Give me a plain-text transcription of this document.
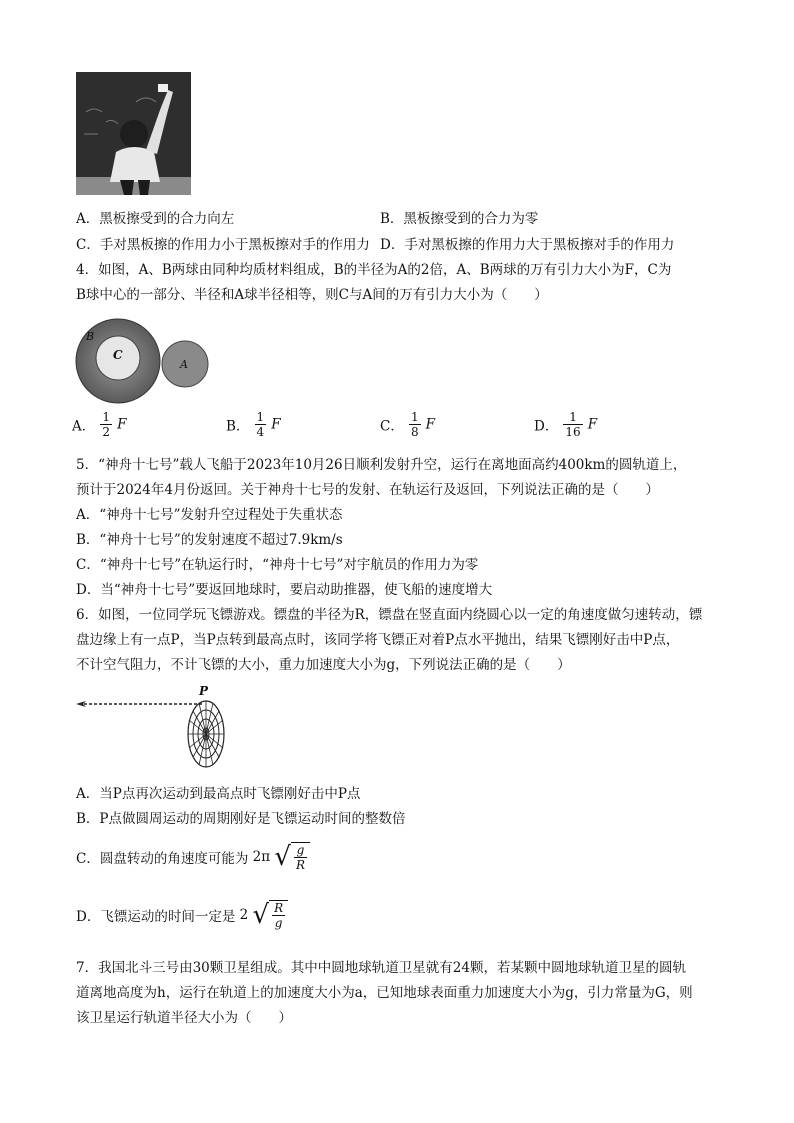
A．黑板擦受到的合力向左	B．黑板擦受到的合力为零
C．手对黑板擦的作用力小于黑板擦对手的作用力 D．手对黑板擦的作用力大于黑板擦对手的作用力
4．如图，A、B两球由同种均质材料组成，B的半径为A的2倍，A、B两球的万有引力大小为F，C为
B球中心的一部分、半径和A球半径相等，则C与A间的万有引力大小为（　　）
B
C
A
A． $\frac{1}{2}$ F	B． $\frac{1}{4}$ F	C． $\frac{1}{8}$ F	D． $\frac{1}{16}$ F
5．“神舟十七号”载人飞船于2023年10月26日顺利发射升空，运行在离地面高约400km的圆轨道上，
预计于2024年4月份返回。关于神舟十七号的发射、在轨运行及返回，下列说法正确的是（　　）
A．“神舟十七号”发射升空过程处于失重状态
B．“神舟十七号”的发射速度不超过7.9km/s
C．“神舟十七号”在轨运行时，“神舟十七号”对宇航员的作用力为零
D．当“神舟十七号”要返回地球时，要启动助推器，使飞船的速度增大
6．如图，一位同学玩飞镖游戏。镖盘的半径为R，镖盘在竖直面内绕圆心以一定的角速度做匀速转动，镖
盘边缘上有一点P，当P点转到最高点时，该同学将飞镖正对着P点水平抛出，结果飞镖刚好击中P点，
不计空气阻力，不计飞镖的大小，重力加速度大小为g，下列说法正确的是（　　）
P
A．当P点再次运动到最高点时飞镖刚好击中P点
B．P点做圆周运动的周期刚好是飞镖运动时间的整数倍
C．圆盘转动的角速度可能为 2π √ $\frac{g}{R}$
D．飞镖运动的时间一定是 2 √ $\frac{R}{g}$
7．我国北斗三号由30颗卫星组成。其中中圆地球轨道卫星就有24颗，若某颗中圆地球轨道卫星的圆轨
道离地高度为h，运行在轨道上的加速度大小为a，已知地球表面重力加速度大小为g，引力常量为G，则
该卫星运行轨道半径大小为（　　）
